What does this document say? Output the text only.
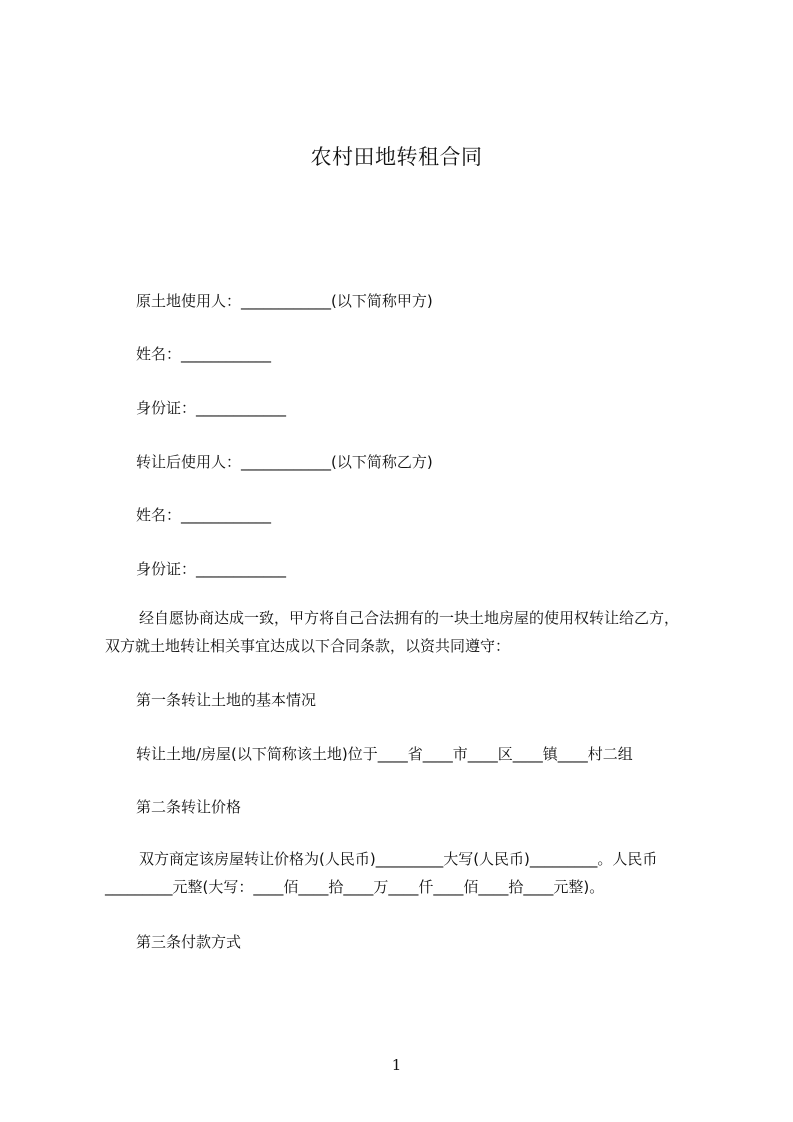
农村田地转租合同
原土地使用人：____________(以下简称甲方)
姓名：____________
身份证：____________
转让后使用人：____________(以下简称乙方)
姓名：____________
身份证：____________
经自愿协商达成一致，甲方将自己合法拥有的一块土地房屋的使用权转让给乙方，
双方就土地转让相关事宜达成以下合同条款，以资共同遵守：
第一条转让土地的基本情况
转让土地/房屋(以下简称该土地)位于____省____市____区____镇____村二组
第二条转让价格
双方商定该房屋转让价格为(人民币)_________大写(人民币)_________。人民币
_________元整(大写：____佰____拾____万____仟____佰____拾____元整)。
第三条付款方式
1
